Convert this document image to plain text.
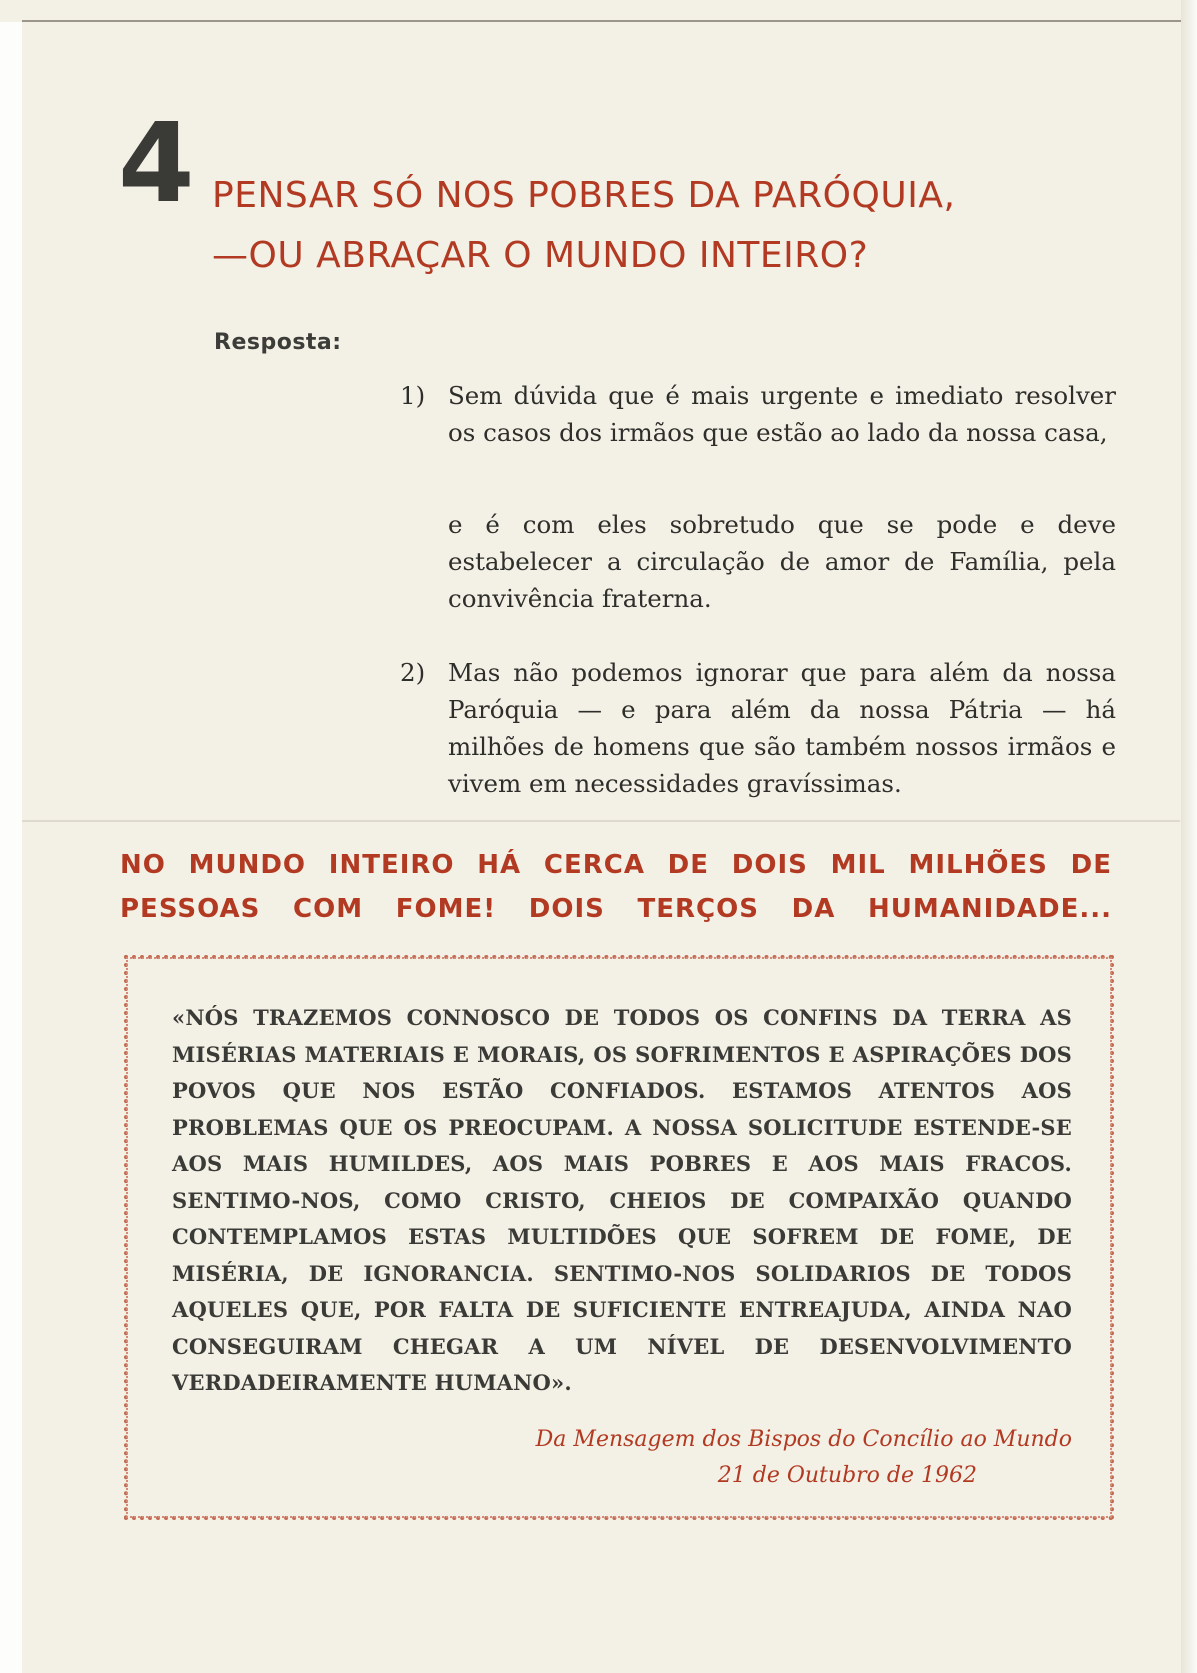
4 PENSAR SÓ NOS POBRES DA PARÓQUIA,
—OU ABRAÇAR O MUNDO INTEIRO?
Resposta:
1) Sem dúvida que é mais urgente e imediato resolver os casos dos irmãos que estão ao lado da nossa casa,
e é com eles sobretudo que se pode e deve estabelecer a circulação de amor de Família, pela convivência fraterna.
2) Mas não podemos ignorar que para além da nossa Paróquia — e para além da nossa Pátria — há milhões de homens que são também nossos irmãos e vivem em necessidades gravíssimas.
NO MUNDO INTEIRO HÁ CERCA DE DOIS MIL MILHÕES DE
PESSOAS COM FOME! DOIS TERÇOS DA HUMANIDADE...
«NÓS TRAZEMOS CONNOSCO DE TODOS OS CONFINS DA TERRA AS MISÉRIAS MATERIAIS E MORAIS, OS SOFRIMENTOS E ASPIRAÇÕES DOS POVOS QUE NOS ESTÃO CONFIADOS. ESTAMOS ATENTOS AOS PROBLEMAS QUE OS PREOCUPAM. A NOSSA SOLICITUDE ESTENDE-SE AOS MAIS HUMILDES, AOS MAIS POBRES E AOS MAIS FRACOS. SENTIMO-NOS, COMO CRISTO, CHEIOS DE COMPAIXÃO QUANDO CONTEMPLAMOS ESTAS MULTIDÕES QUE SOFREM DE FOME, DE MISÉRIA, DE IGNORANCIA. SENTIMO-NOS SOLIDARIOS DE TODOS AQUELES QUE, POR FALTA DE SUFICIENTE ENTREAJUDA, AINDA NAO CONSEGUIRAM CHEGAR A UM NÍVEL DE DESENVOLVIMENTO VERDADEIRAMENTE HUMANO».
Da Mensagem dos Bispos do Concílio ao Mundo
21 de Outubro de 1962
